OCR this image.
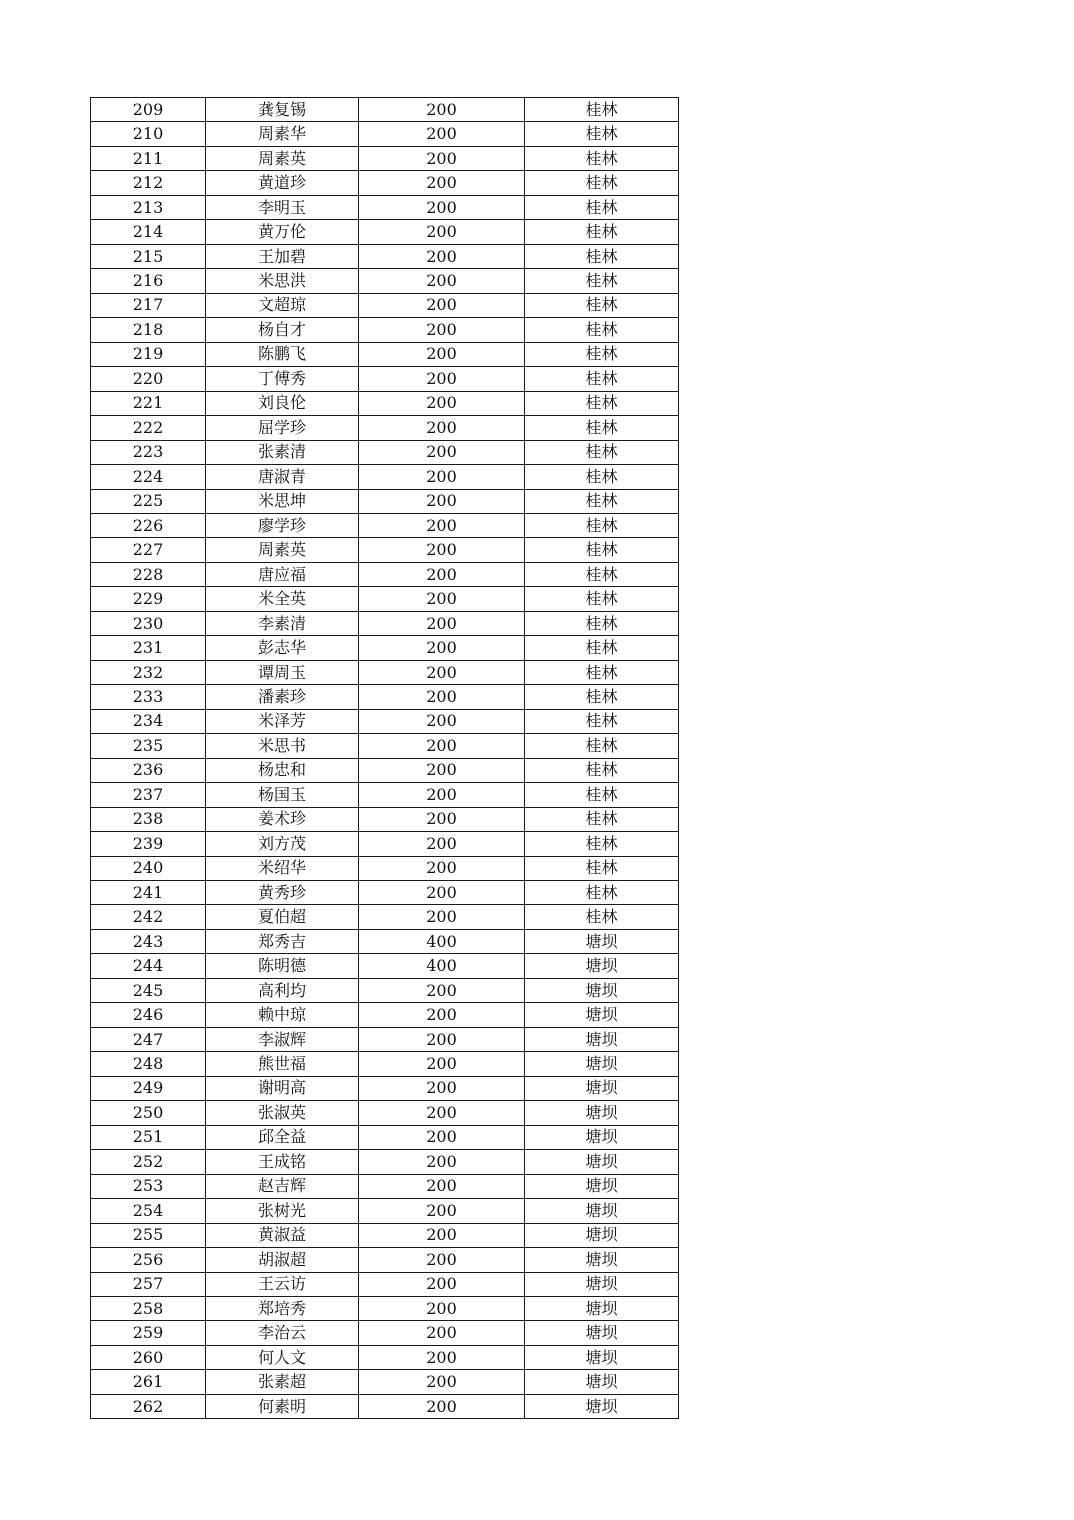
209	龚复锡	200	桂林
210	周素华	200	桂林
211	周素英	200	桂林
212	黄道珍	200	桂林
213	李明玉	200	桂林
214	黄万伦	200	桂林
215	王加碧	200	桂林
216	米思洪	200	桂林
217	文超琼	200	桂林
218	杨自才	200	桂林
219	陈鹏飞	200	桂林
220	丁傅秀	200	桂林
221	刘良伦	200	桂林
222	屈学珍	200	桂林
223	张素清	200	桂林
224	唐淑青	200	桂林
225	米思坤	200	桂林
226	廖学珍	200	桂林
227	周素英	200	桂林
228	唐应福	200	桂林
229	米全英	200	桂林
230	李素清	200	桂林
231	彭志华	200	桂林
232	谭周玉	200	桂林
233	潘素珍	200	桂林
234	米泽芳	200	桂林
235	米思书	200	桂林
236	杨忠和	200	桂林
237	杨国玉	200	桂林
238	姜术珍	200	桂林
239	刘方茂	200	桂林
240	米绍华	200	桂林
241	黄秀珍	200	桂林
242	夏伯超	200	桂林
243	郑秀吉	400	塘坝
244	陈明德	400	塘坝
245	高利均	200	塘坝
246	赖中琼	200	塘坝
247	李淑辉	200	塘坝
248	熊世福	200	塘坝
249	谢明高	200	塘坝
250	张淑英	200	塘坝
251	邱全益	200	塘坝
252	王成铭	200	塘坝
253	赵吉辉	200	塘坝
254	张树光	200	塘坝
255	黄淑益	200	塘坝
256	胡淑超	200	塘坝
257	王云访	200	塘坝
258	郑培秀	200	塘坝
259	李治云	200	塘坝
260	何人文	200	塘坝
261	张素超	200	塘坝
262	何素明	200	塘坝
